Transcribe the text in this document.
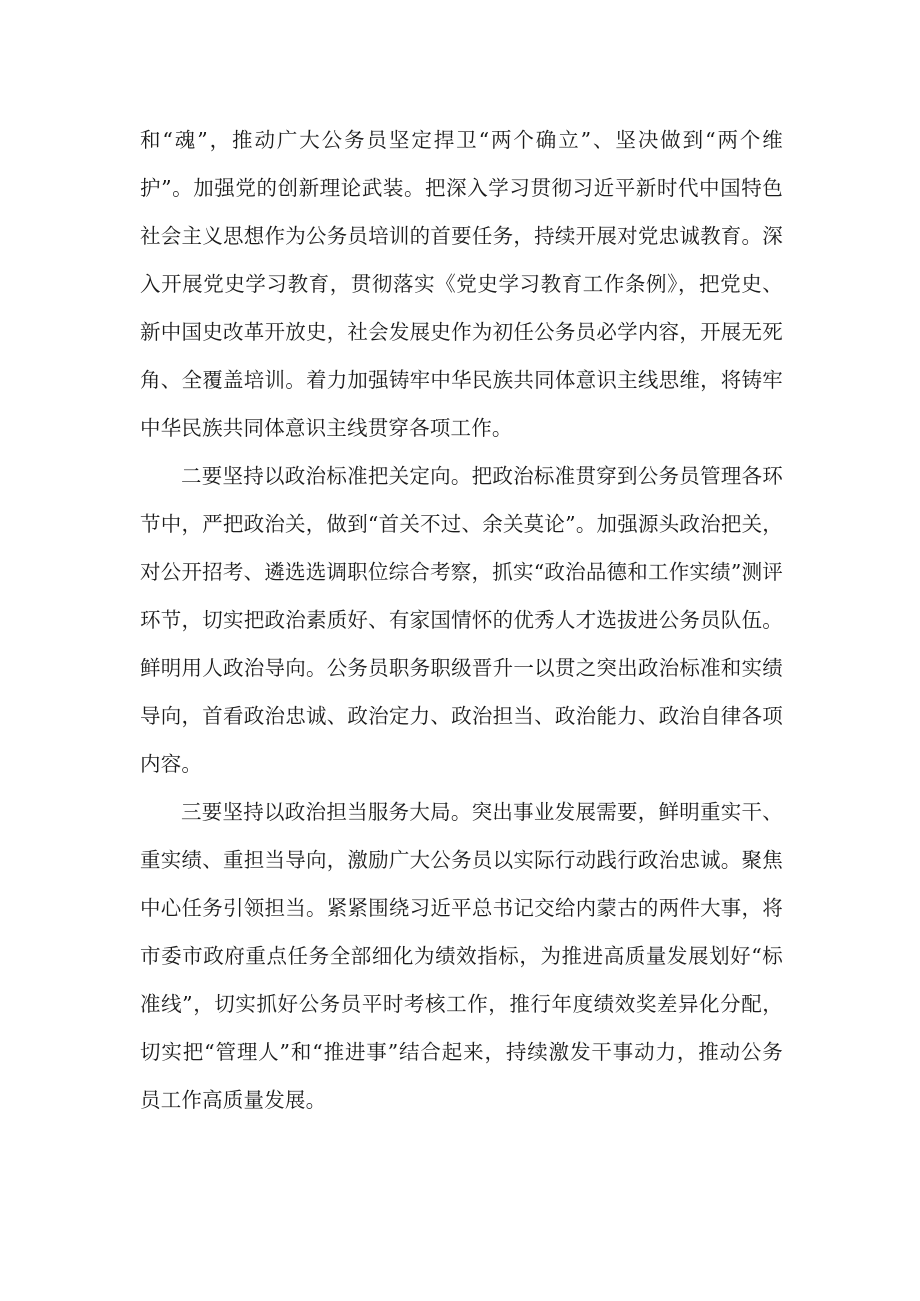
和“魂”，推动广大公务员坚定捍卫“两个确立”、坚决做到“两个维护”。加强党的创新理论武装。把深入学习贯彻习近平新时代中国特色社会主义思想作为公务员培训的首要任务，持续开展对党忠诚教育。深入开展党史学习教育，贯彻落实《党史学习教育工作条例》，把党史、新中国史改革开放史，社会发展史作为初任公务员必学内容，开展无死角、全覆盖培训。着力加强铸牢中华民族共同体意识主线思维，将铸牢中华民族共同体意识主线贯穿各项工作。

二要坚持以政治标准把关定向。把政治标准贯穿到公务员管理各环节中，严把政治关，做到“首关不过、余关莫论”。加强源头政治把关，对公开招考、遴选选调职位综合考察，抓实“政治品德和工作实绩”测评环节，切实把政治素质好、有家国情怀的优秀人才选拔进公务员队伍。鲜明用人政治导向。公务员职务职级晋升一以贯之突出政治标准和实绩导向，首看政治忠诚、政治定力、政治担当、政治能力、政治自律各项内容。

三要坚持以政治担当服务大局。突出事业发展需要，鲜明重实干、重实绩、重担当导向，激励广大公务员以实际行动践行政治忠诚。聚焦中心任务引领担当。紧紧围绕习近平总书记交给内蒙古的两件大事，将市委市政府重点任务全部细化为绩效指标，为推进高质量发展划好“标准线”，切实抓好公务员平时考核工作，推行年度绩效奖差异化分配，切实把“管理人”和“推进事”结合起来，持续激发干事动力，推动公务员工作高质量发展。
